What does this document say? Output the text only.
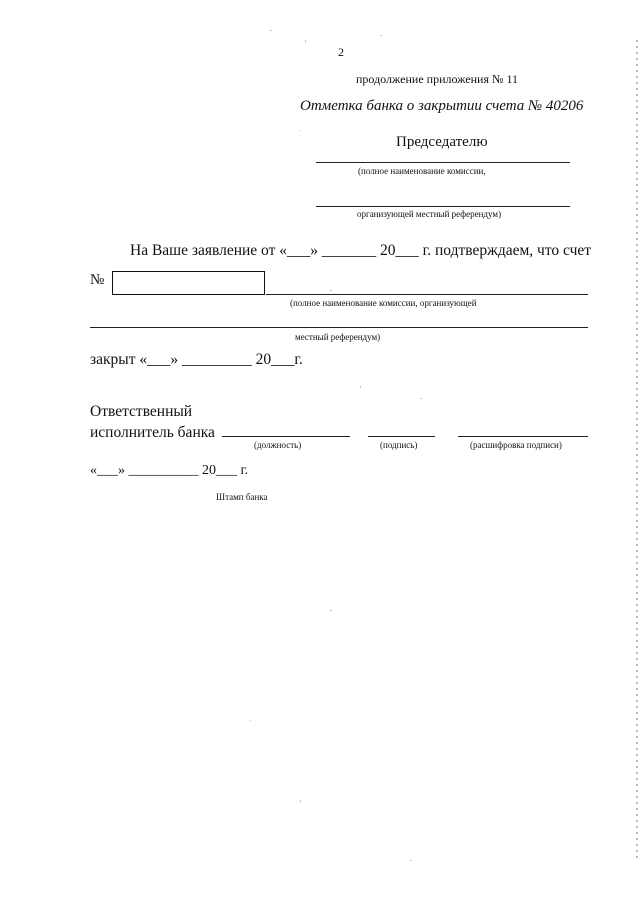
2
продолжение приложения № 11
Отметка банка о закрытии счета № 40206
Председателю
(полное наименование комиссии,
организующей местный референдум)
На Ваше заявление от «___» _______ 20___ г. подтверждаем, что счет
№
(полное наименование комиссии, организующей
местный референдум)
закрыт «___» _________ 20___г.
Ответственный
исполнитель банка
(должность)	(подпись)	(расшифровка подписи)
«___» __________ 20___ г.
Штамп банка
